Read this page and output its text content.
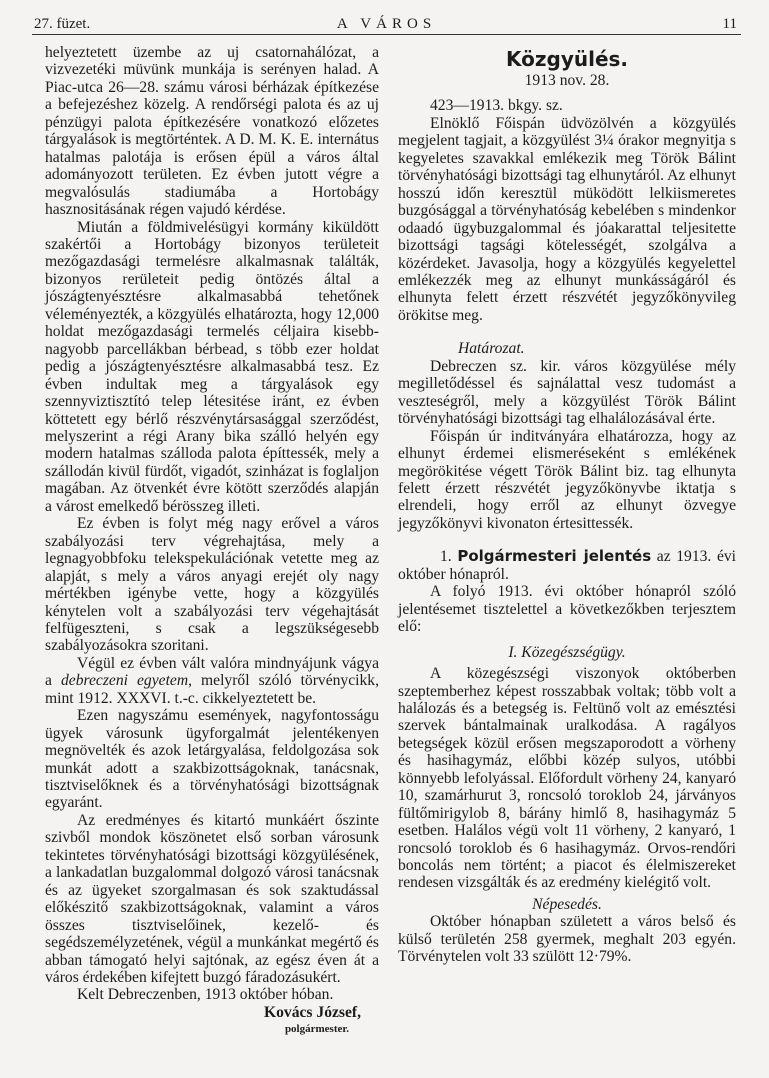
27. füzet.	A VÁROS	11

helyeztetett üzembe az uj csatornahálózat, a vizvezetéki müvünk munkája is serényen halad. A Piac-utca 26—28. számu városi bérházak építkezése a befejezéshez közelg. A rendőrségi palota és az uj pénzügyi palota építkezésére vonatkozó előzetes tárgyalások is megtörténtek. A D. M. K. E. internátus hatalmas palotája is erősen épül a város által adományozott területen. Ez évben jutott végre a megvalósulás stadiumába a Hortobágy hasznositásának régen vajudó kérdése.

Miután a földmivelésügyi kormány kiküldött szakértői a Hortobágy bizonyos területeit mezőgazdasági termelésre alkalmasnak találták, bizonyos rerületeit pedig öntözés által a jószágtenyésztésre alkalmasabbá tehetőnek véleményezték, a közgyülés elhatározta, hogy 12,000 holdat mezőgazdasági termelés céljaira kisebb-nagyobb parcellákban bérbead, s több ezer holdat pedig a jószágtenyésztésre alkalmasabbá tesz. Ez évben indultak meg a tárgyalások egy szennyviztisztító telep létesitése iránt, ez évben köttetett egy bérlő részvénytársasággal szerződést, melyszerint a régi Arany bika szálló helyén egy modern hatalmas szálloda palota építtessék, mely a szállodán kivül fürdőt, vigadót, szinházat is foglaljon magában. Az ötvenkét évre kötött szerződés alapján a várost emelkedő bérösszeg illeti.

Ez évben is folyt még nagy erővel a város szabályozási terv végrehajtása, mely a legnagyobbfoku telekspekulációnak vetette meg az alapját, s mely a város anyagi erejét oly nagy mértékben igénybe vette, hogy a közgyülés kénytelen volt a szabályozási terv végehajtását felfügeszteni, s csak a legszükségesebb szabályozásokra szoritani.

Végül ez évben vált valóra mindnyájunk vágya a debreczeni egyetem, melyről szóló törvénycikk, mint 1912. XXXVI. t.-c. cikkelyeztetett be.

Ezen nagyszámu események, nagyfontosságu ügyek városunk ügyforgalmát jelentékenyen megnövelték és azok letárgyalása, feldolgozása sok munkát adott a szakbizottságoknak, tanácsnak, tisztviselőknek és a törvényhatósági bizottságnak egyaránt.

Az eredményes és kitartó munkáért őszinte szivből mondok köszönetet első sorban városunk tekintetes törvényhatósági bizottsági közgyülésének, a lankadatlan buzgalommal dolgozó városi tanácsnak és az ügyeket szorgalmasan és sok szaktudással előkészitő szakbizottságoknak, valamint a város összes tisztviselőinek, kezelő- és segédszemélyzetének, végül a munkánkat megértő és abban támogató helyi sajtónak, az egész éven át a város érdekében kifejtett buzgó fáradozásukért.

Kelt Debreczenben, 1913 október hóban.

Kovács József,

polgármester.

Közgyülés.

1913 nov. 28.

423—1913. bkgy. sz.

Elnöklő Főispán üdvözölvén a közgyülés megjelent tagjait, a közgyülést 3¼ órakor megnyitja s kegyeletes szavakkal emlékezik meg Török Bálint törvényhatósági bizottsági tag elhunytáról. Az elhunyt hosszú időn keresztül müködött lelkiismeretes buzgósággal a törvényhatóság kebelében s mindenkor odaadó ügybuzgalommal és jóakarattal teljesitette bizottsági tagsági kötelességét, szolgálva a közérdeket. Javasolja, hogy a közgyülés kegyelettel emlékezzék meg az elhunyt munkásságáról és elhunyta felett érzett részvétét jegyzőkönyvileg örökitse meg.

Határozat.

Debreczen sz. kir. város közgyülése mély megilletődéssel és sajnálattal vesz tudomást a veszteségről, mely a közgyülést Török Bálint törvényhatósági bizottsági tag elhalálozásával érte.

Főispán úr inditványára elhatározza, hogy az elhunyt érdemei elismeréseként s emlékének megörökitése végett Török Bálint biz. tag elhunyta felett érzett részvétét jegyzőkönyvbe iktatja s elrendeli, hogy erről az elhunyt özvegye jegyzőkönyvi kivonaton értesittessék.

1. Polgármesteri jelentés az 1913. évi október hónapról.

A folyó 1913. évi október hónapról szóló jelentésemet tisztelettel a következőkben terjesztem elő:

I. Közegészségügy.

A közegészségi viszonyok októberben szeptemberhez képest rosszabbak voltak; több volt a halálozás és a betegség is. Feltünő volt az emésztési szervek bántalmainak uralkodása. A ragályos betegségek közül erősen megszaporodott a vörheny és hasihagymáz, előbbi közép sulyos, utóbbi könnyebb lefolyással. Előfordult vörheny 24, kanyaró 10, szamárhurut 3, roncsoló toroklob 24, járványos fültőmirigylob 8, bárány himlő 8, hasihagymáz 5 esetben. Halálos végü volt 11 vörheny, 2 kanyaró, 1 roncsoló toroklob és 6 hasihagymáz. Orvos-rendőri boncolás nem történt; a piacot és élelmiszereket rendesen vizsgálták és az eredmény kielégitő volt.

Népesedés.

Október hónapban született a város belső és külső területén 258 gyermek, meghalt 203 egyén. Törvénytelen volt 33 szülött 12·79%.
